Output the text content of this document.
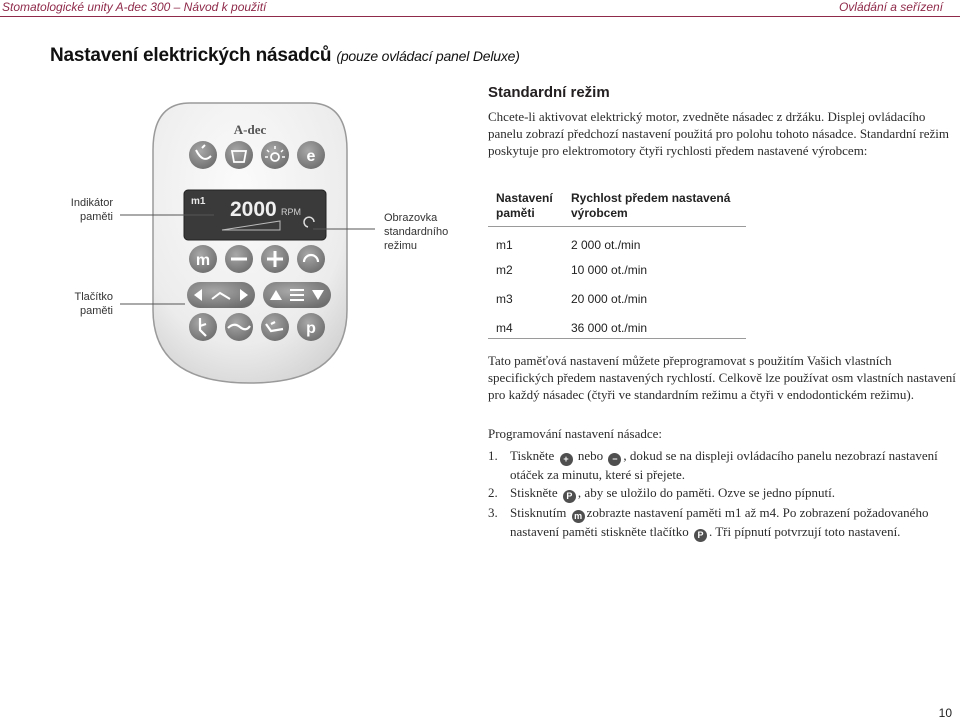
Stomatologické unity A-dec 300 – Návod k použití	Ovládání a seřízení
Nastavení elektrických násadců (pouze ovládací panel Deluxe)
A-dec
e
m1 2000 RPM
m
p
Indikátor paměti
Tlačítko paměti
Obrazovka standardního režimu
Standardní režim
Chcete-li aktivovat elektrický motor, zvedněte násadec z držáku. Displej ovládacího panelu zobrazí předchozí nastavení použitá pro polohu tohoto násadce. Standardní režim poskytuje pro elektromotory čtyři rychlosti předem nastavené výrobcem:
Nastavení paměti
Rychlost předem nastavená výrobcem
m1	2 000 ot./min
m2	10 000 ot./min
m3	20 000 ot./min
m4	36 000 ot./min
Tato paměťová nastavení můžete přeprogramovat s použitím Vašich vlastních specifických předem nastavených rychlostí. Celkově lze používat osm vlastních nastavení pro každý násadec (čtyři ve standardním režimu a čtyři v endodontickém režimu).
Programování nastavení násadce:
1. Tiskněte + nebo − , dokud se na displeji ovládacího panelu nezobrazí nastavení otáček za minutu, které si přejete.
2. Stiskněte P , aby se uložilo do paměti. Ozve se jedno pípnutí.
3. Stisknutím m zobrazte nastavení paměti m1 až m4. Po zobrazení požadovaného nastavení paměti stiskněte tlačítko P . Tři pípnutí potvrzují toto nastavení.
10
